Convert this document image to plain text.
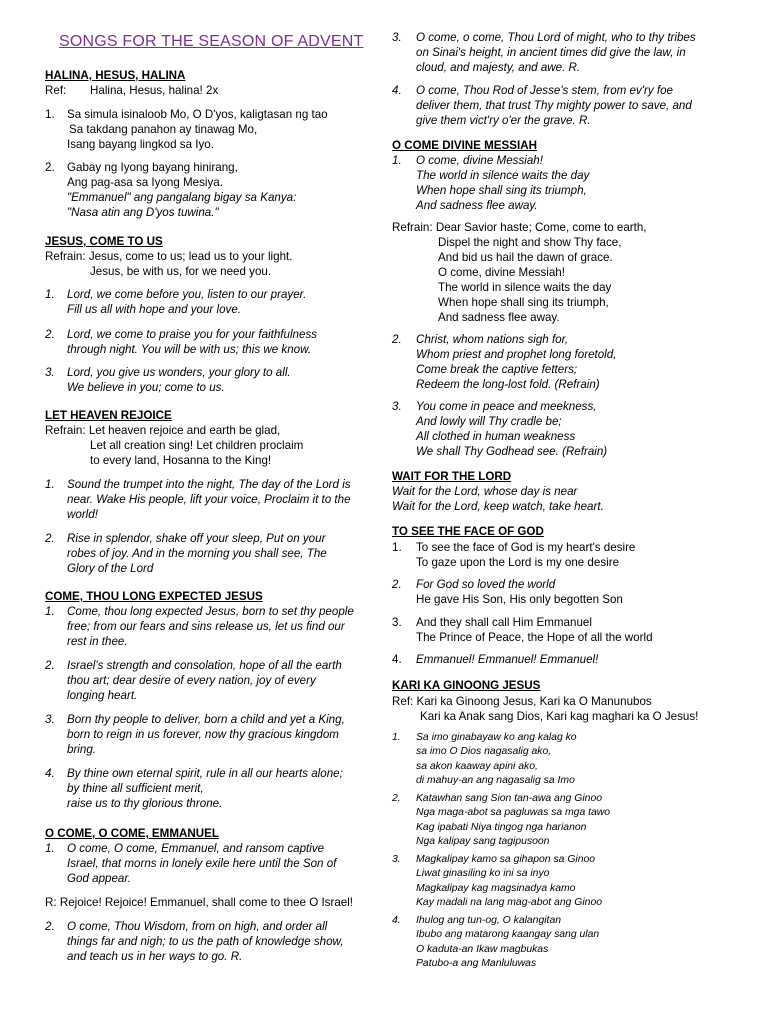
SONGS FOR THE SEASON OF ADVENT
HALINA, HESUS, HALINA
Ref: Halina, Hesus, halina! 2x
1. Sa simula isinaloob Mo, O D'yos, kaligtasan ng tao
Sa takdang panahon ay tinawag Mo,
Isang bayang lingkod sa Iyo.
2. Gabay ng Iyong bayang hinirang,
Ang pag-asa sa Iyong Mesiya.
"Emmanuel" ang pangalang bigay sa Kanya:
"Nasa atin ang D'yos tuwina."
JESUS, COME TO US
Refrain: Jesus, come to us; lead us to your light.
Jesus, be with us, for we need you.
1. Lord, we come before you, listen to our prayer.
Fill us all with hope and your love.
2. Lord, we come to praise you for your faithfulness
through night. You will be with us; this we know.
3. Lord, you give us wonders, your glory to all.
We believe in you; come to us.
LET HEAVEN REJOICE
Refrain: Let heaven rejoice and earth be glad,
Let all creation sing! Let children proclaim
to every land, Hosanna to the King!
1. Sound the trumpet into the night, The day of the Lord is
near. Wake His people, lift your voice, Proclaim it to the
world!
2. Rise in splendor, shake off your sleep, Put on your
robes of joy. And in the morning you shall see, The
Glory of the Lord
COME, THOU LONG EXPECTED JESUS
1. Come, thou long expected Jesus, born to set thy people
free; from our fears and sins release us, let us find our
rest in thee.
2. Israel's strength and consolation, hope of all the earth
thou art; dear desire of every nation, joy of every
longing heart.
3. Born thy people to deliver, born a child and yet a King,
born to reign in us forever, now thy gracious kingdom
bring.
4. By thine own eternal spirit, rule in all our hearts alone;
by thine all sufficient merit,
raise us to thy glorious throne.
O COME, O COME, EMMANUEL
1. O come, O come, Emmanuel, and ransom captive
Israel, that morns in lonely exile here until the Son of
God appear.
R: Rejoice! Rejoice! Emmanuel, shall come to thee O Israel!
2. O come, Thou Wisdom, from on high, and order all
things far and nigh; to us the path of knowledge show,
and teach us in her ways to go. R.
3. O come, o come, Thou Lord of might, who to thy tribes
on Sinai's height, in ancient times did give the law, in
cloud, and majesty, and awe. R.
4. O come, Thou Rod of Jesse's stem, from ev'ry foe
deliver them, that trust Thy mighty power to save, and
give them vict'ry o'er the grave. R.
O COME DIVINE MESSIAH
1. O come, divine Messiah!
The world in silence waits the day
When hope shall sing its triumph,
And sadness flee away.
Refrain: Dear Savior haste; Come, come to earth,
Dispel the night and show Thy face,
And bid us hail the dawn of grace.
O come, divine Messiah!
The world in silence waits the day
When hope shall sing its triumph,
And sadness flee away.
2. Christ, whom nations sigh for,
Whom priest and prophet long foretold,
Come break the captive fetters;
Redeem the long-lost fold. (Refrain)
3. You come in peace and meekness,
And lowly will Thy cradle be;
All clothed in human weakness
We shall Thy Godhead see. (Refrain)
WAIT FOR THE LORD
Wait for the Lord, whose day is near
Wait for the Lord, keep watch, take heart.
TO SEE THE FACE OF GOD
1. To see the face of God is my heart's desire
To gaze upon the Lord is my one desire
2. For God so loved the world
He gave His Son, His only begotten Son
3. And they shall call Him Emmanuel
The Prince of Peace, the Hope of all the world
4. Emmanuel! Emmanuel! Emmanuel!
KARI KA GINOONG JESUS
Ref: Kari ka Ginoong Jesus, Kari ka O Manunubos
Kari ka Anak sang Dios, Kari kag maghari ka O Jesus!
1. Sa imo ginabayaw ko ang kalag ko
sa imo O Dios nagasalig ako,
sa akon kaaway apini ako,
di mahuy-an ang nagasalig sa Imo
2. Katawhan sang Sion tan-awa ang Ginoo
Nga maga-abot sa pagluwas sa mga tawo
Kag ipabati Niya tingog nga harianon
Nga kalipay sang tagipusoon
3. Magkalipay kamo sa gihapon sa Ginoo
Liwat ginasiling ko ini sa inyo
Magkalipay kag magsinadya kamo
Kay madali na lang mag-abot ang Ginoo
4. Ihulog ang tun-og, O kalangitan
Ibubo ang matarong kaangay sang ulan
O kaduta-an Ikaw magbukas
Patubo-a ang Manluluwas
